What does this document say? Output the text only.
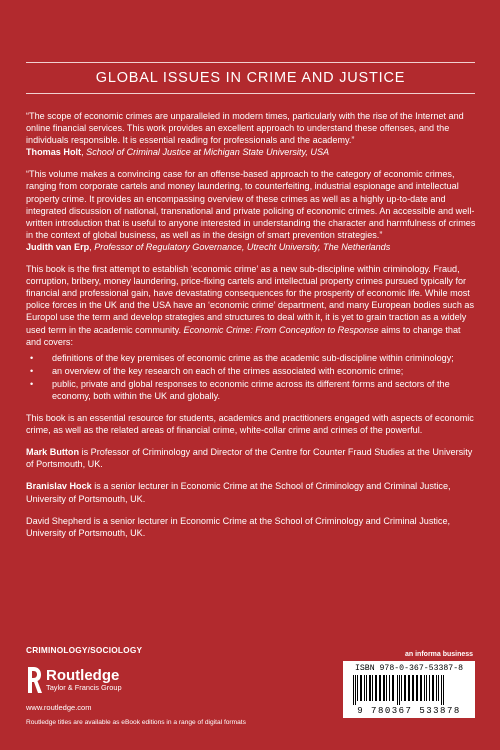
GLOBAL ISSUES IN CRIME AND JUSTICE
“The scope of economic crimes are unparalleled in modern times, particularly with the rise of the Internet and online financial services. This work provides an excellent approach to understand these offenses, and the individuals responsible. It is essential reading for professionals and the academy.”
Thomas Holt, School of Criminal Justice at Michigan State University, USA
“This volume makes a convincing case for an offense-based approach to the category of economic crimes, ranging from corporate cartels and money laundering, to counterfeiting, industrial espionage and intellectual property crime. It provides an encompassing overview of these crimes as well as a highly up-to-date and integrated discussion of national, transnational and private policing of economic crimes. An accessible and well-written introduction that is useful to anyone interested in understanding the character and harmfulness of crimes in the context of global business, as well as in the design of smart prevention strategies.”
Judith van Erp, Professor of Regulatory Governance, Utrecht University, The Netherlands
This book is the first attempt to establish ‘economic crime’ as a new sub-discipline within criminology. Fraud, corruption, bribery, money laundering, price-fixing cartels and intellectual property crimes pursued typically for financial and professional gain, have devastating consequences for the prosperity of economic life. While most police forces in the UK and the USA have an ‘economic crime’ department, and many European bodies such as Europol use the term and develop strategies and structures to deal with it, it is yet to grain traction as a widely used term in the academic community. Economic Crime: From Conception to Response aims to change that and covers:
• definitions of the key premises of economic crime as the academic sub-discipline within criminology;
• an overview of the key research on each of the crimes associated with economic crime;
• public, private and global responses to economic crime across its different forms and sectors of the economy, both within the UK and globally.
This book is an essential resource for students, academics and practitioners engaged with aspects of economic crime, as well as the related areas of financial crime, white-collar crime and crimes of the powerful.
Mark Button is Professor of Criminology and Director of the Centre for Counter Fraud Studies at the University of Portsmouth, UK.
Branislav Hock is a senior lecturer in Economic Crime at the School of Criminology and Criminal Justice, University of Portsmouth, UK.
David Shepherd is a senior lecturer in Economic Crime at the School of Criminology and Criminal Justice, University of Portsmouth, UK.
CRIMINOLOGY/SOCIOLOGY
Routledge
Taylor & Francis Group
www.routledge.com
Routledge titles are available as eBook editions in a range of digital formats
an informa business
ISBN 978-0-367-53387-8
9 780367 533878
